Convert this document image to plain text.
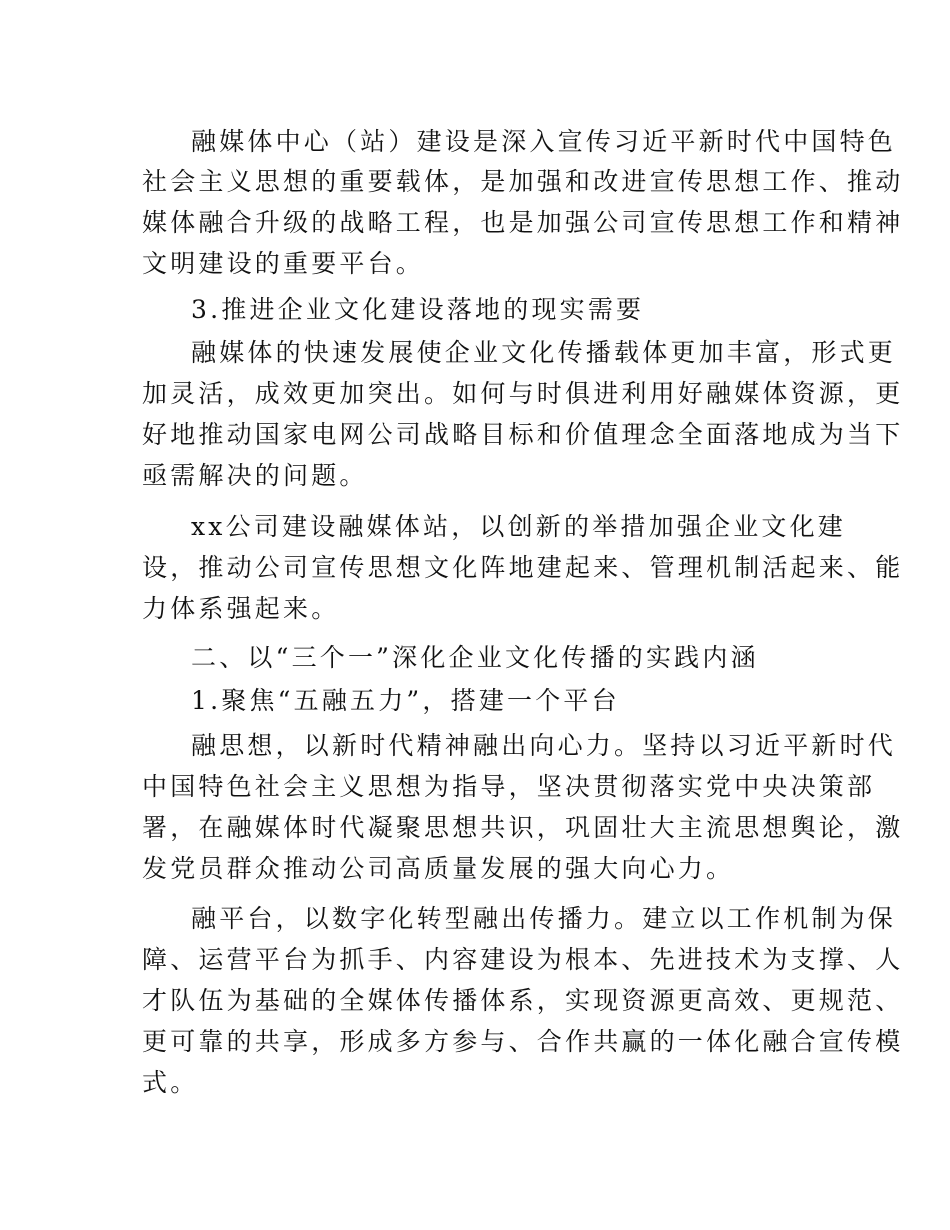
融媒体中心（站）建设是深入宣传习近平新时代中国特色
社会主义思想的重要载体，是加强和改进宣传思想工作、推动
媒体融合升级的战略工程，也是加强公司宣传思想工作和精神
文明建设的重要平台。
3.推进企业文化建设落地的现实需要
融媒体的快速发展使企业文化传播载体更加丰富，形式更
加灵活，成效更加突出。如何与时俱进利用好融媒体资源，更
好地推动国家电网公司战略目标和价值理念全面落地成为当下
亟需解决的问题。
xx公司建设融媒体站，以创新的举措加强企业文化建
设，推动公司宣传思想文化阵地建起来、管理机制活起来、能
力体系强起来。
二、以“三个一”深化企业文化传播的实践内涵
1.聚焦“五融五力”，搭建一个平台
融思想，以新时代精神融出向心力。坚持以习近平新时代
中国特色社会主义思想为指导，坚决贯彻落实党中央决策部
署，在融媒体时代凝聚思想共识，巩固壮大主流思想舆论，激
发党员群众推动公司高质量发展的强大向心力。
融平台，以数字化转型融出传播力。建立以工作机制为保
障、运营平台为抓手、内容建设为根本、先进技术为支撑、人
才队伍为基础的全媒体传播体系，实现资源更高效、更规范、
更可靠的共享，形成多方参与、合作共赢的一体化融合宣传模
式。
